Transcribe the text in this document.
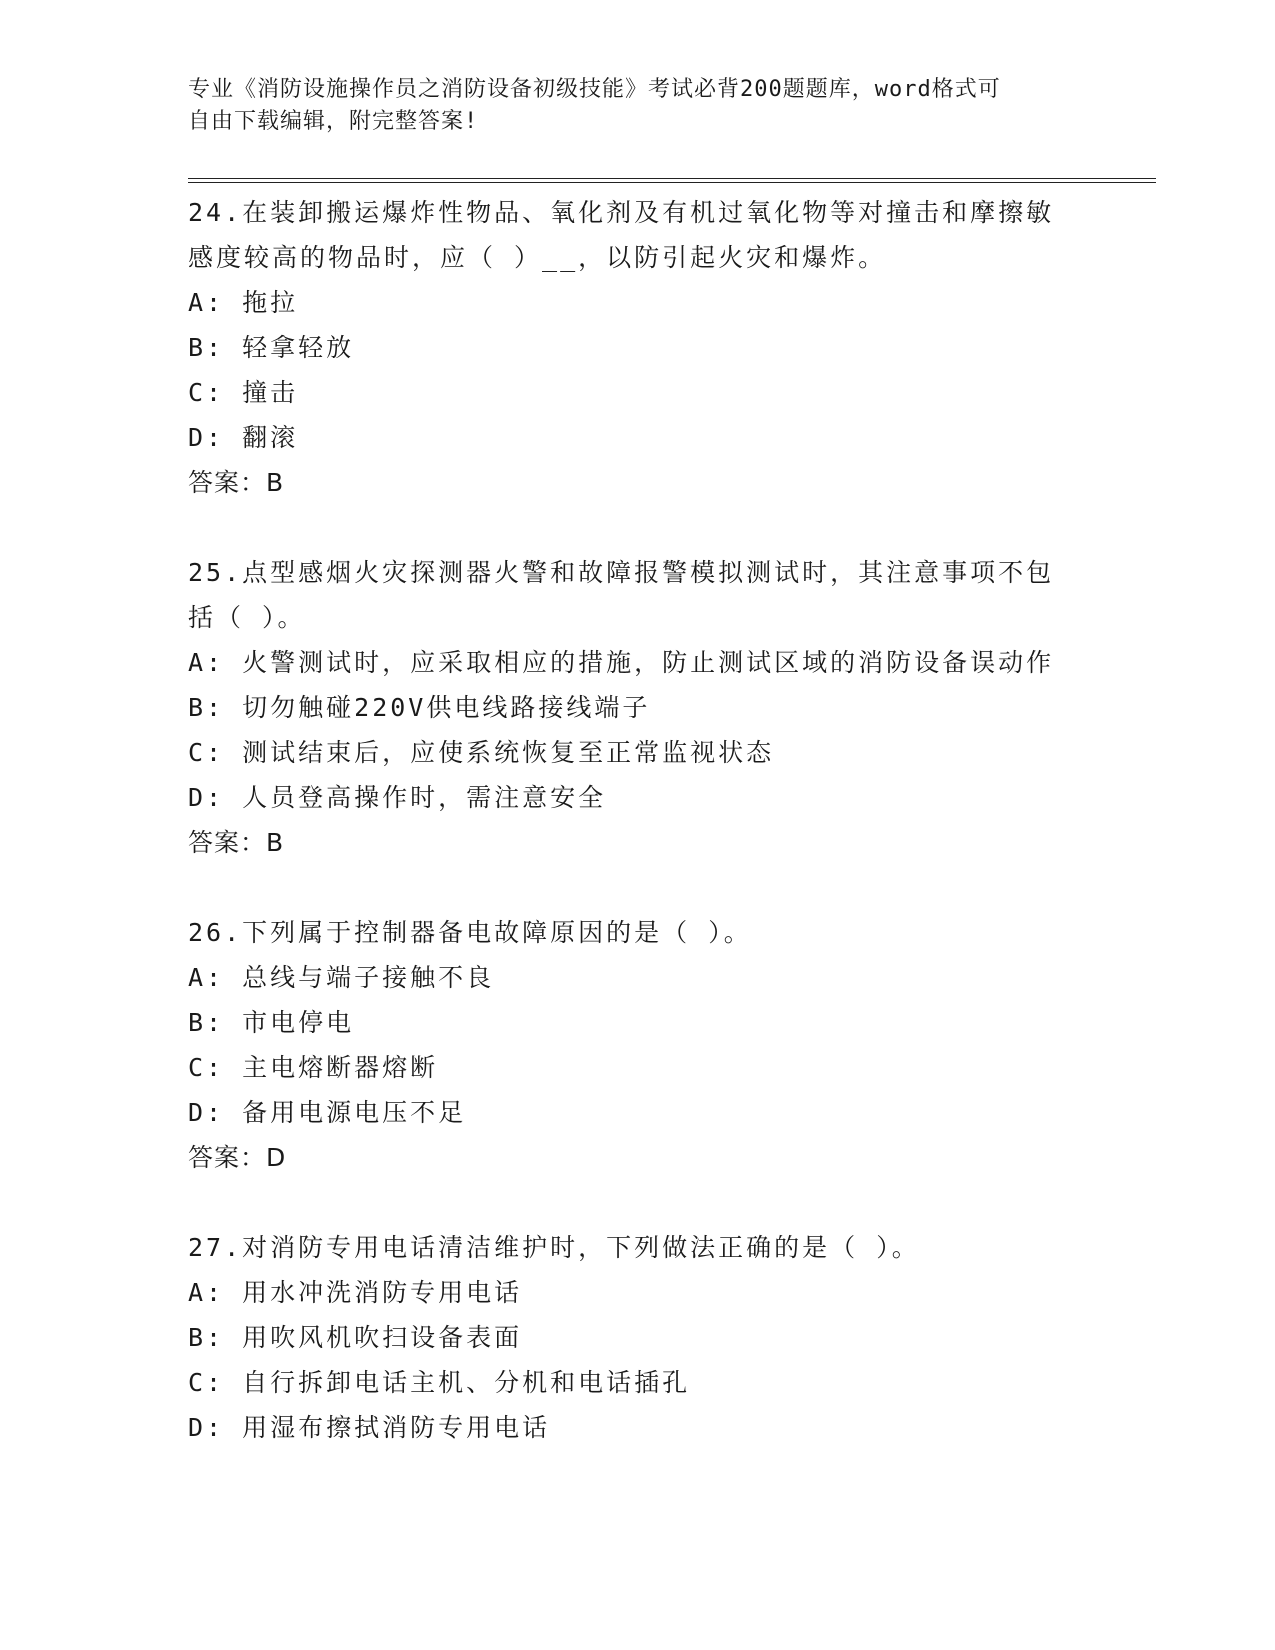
专业《消防设施操作员之消防设备初级技能》考试必背200题题库，word格式可
自由下载编辑，附完整答案!

24.在装卸搬运爆炸性物品、氧化剂及有机过氧化物等对撞击和摩擦敏

感度较高的物品时，应（ ）__，以防引起火灾和爆炸。

A: 拖拉

B: 轻拿轻放

C: 撞击

D: 翻滚

答案：B

25.点型感烟火灾探测器火警和故障报警模拟测试时，其注意事项不包

括（ ）。

A: 火警测试时，应采取相应的措施，防止测试区域的消防设备误动作

B: 切勿触碰220V供电线路接线端子

C: 测试结束后，应使系统恢复至正常监视状态

D: 人员登高操作时，需注意安全

答案：B

26.下列属于控制器备电故障原因的是（ ）。

A: 总线与端子接触不良

B: 市电停电

C: 主电熔断器熔断

D: 备用电源电压不足

答案：D

27.对消防专用电话清洁维护时，下列做法正确的是（ ）。

A: 用水冲洗消防专用电话

B: 用吹风机吹扫设备表面

C: 自行拆卸电话主机、分机和电话插孔

D: 用湿布擦拭消防专用电话
